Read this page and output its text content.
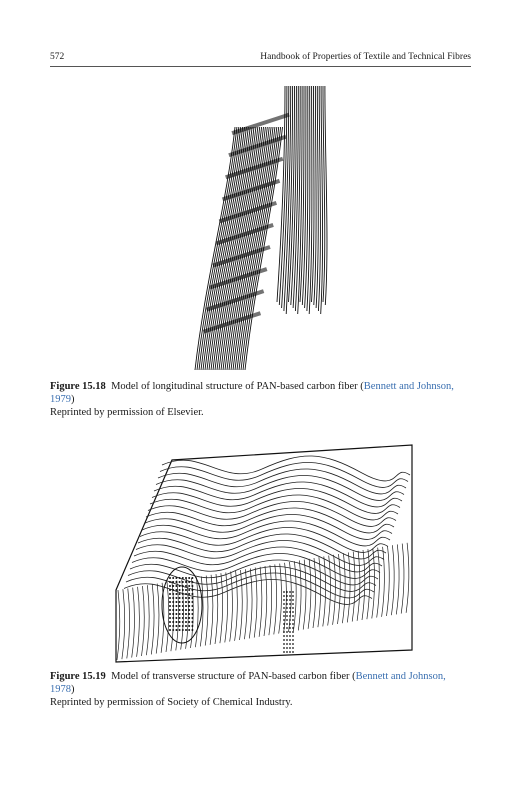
572	Handbook of Properties of Textile and Technical Fibres
Figure 15.18 Model of longitudinal structure of PAN-based carbon fiber (Bennett and Johnson, 1979)
Reprinted by permission of Elsevier.
Figure 15.19 Model of transverse structure of PAN-based carbon fiber (Bennett and Johnson, 1978)
Reprinted by permission of Society of Chemical Industry.
